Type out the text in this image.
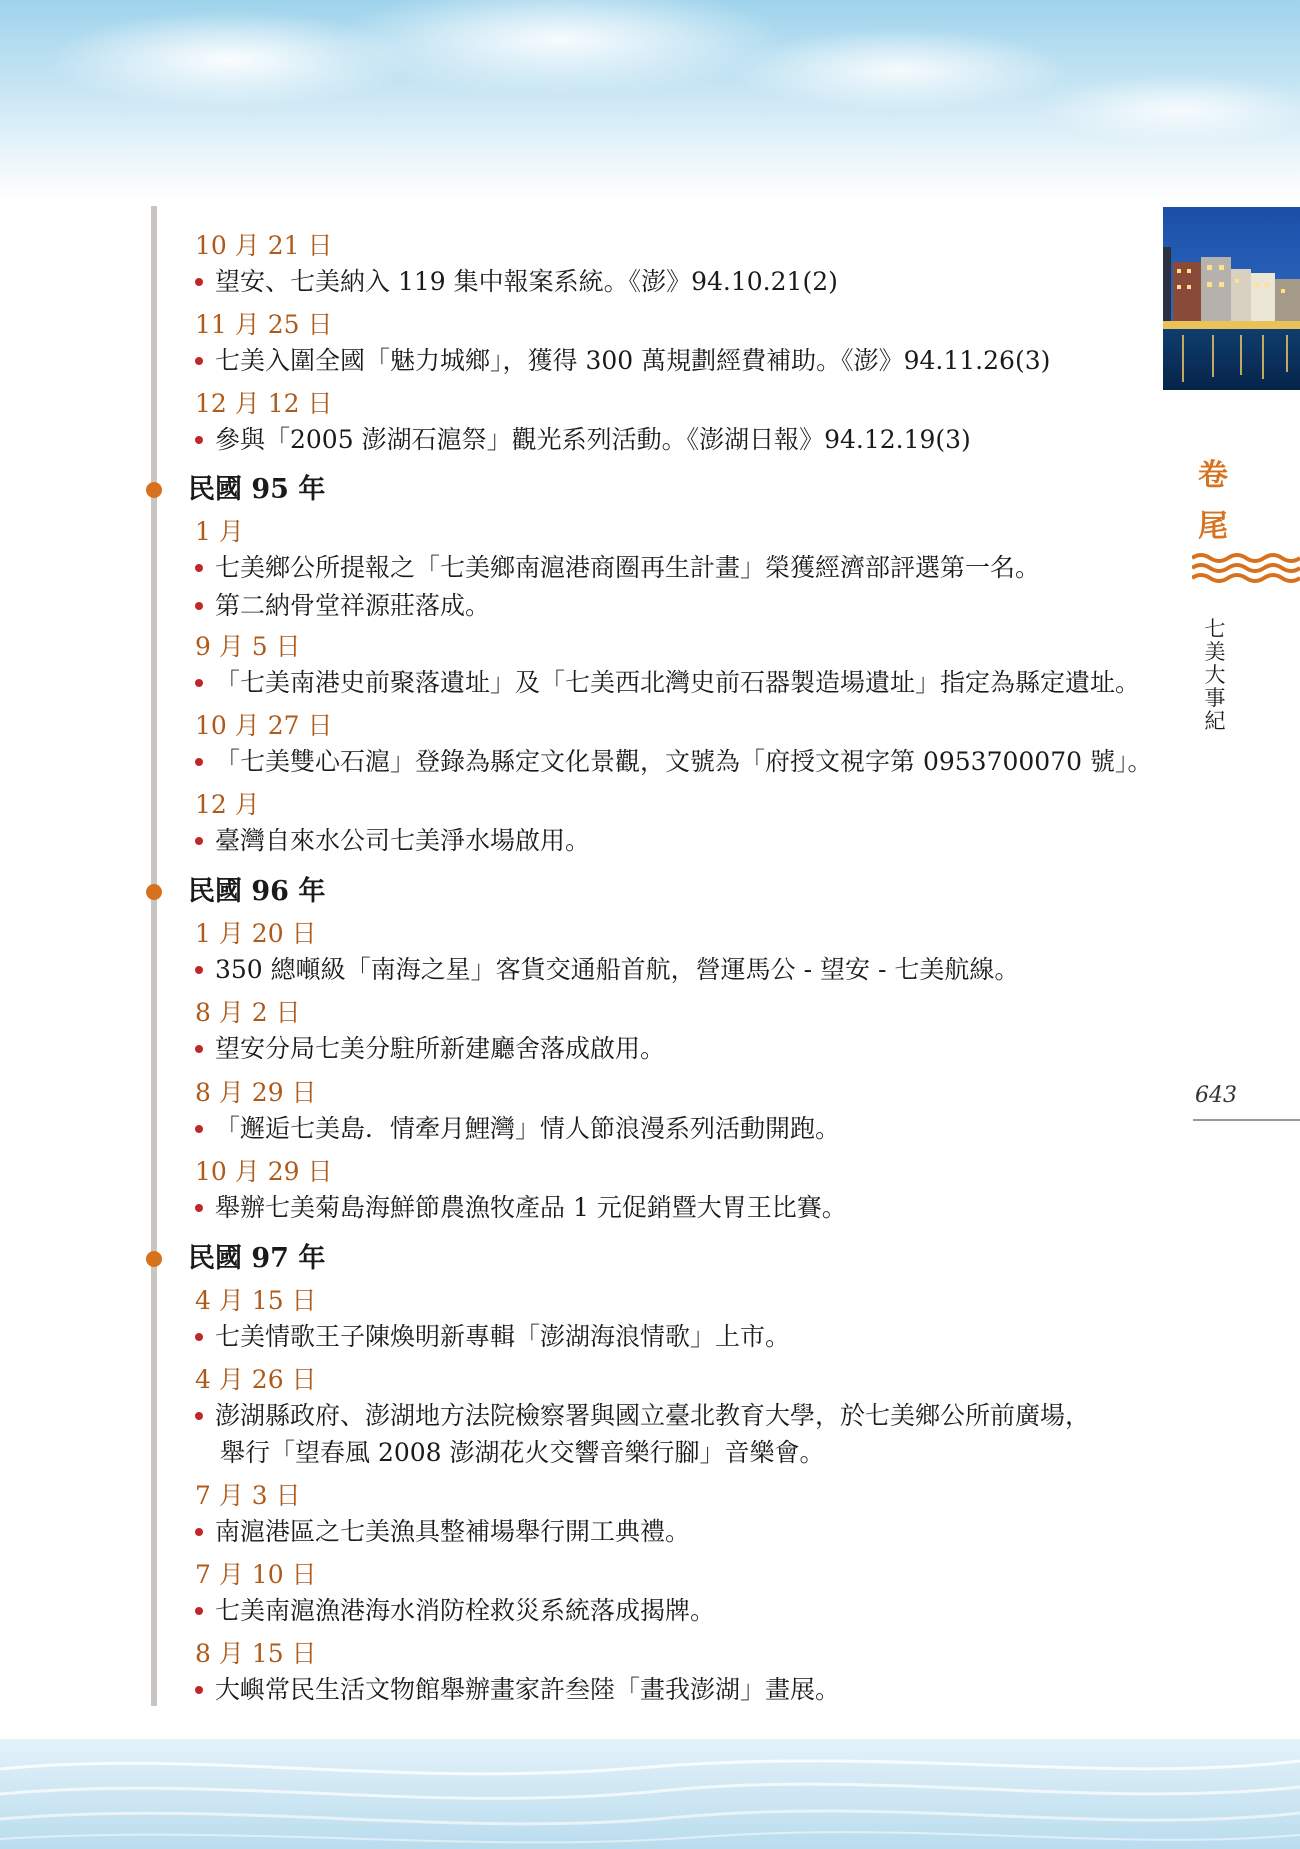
10 月 21 日
望安、七美納入 119 集中報案系統。《澎》94.10.21(2)
11 月 25 日
七美入圍全國「魅力城鄉」，獲得 300 萬規劃經費補助。《澎》94.11.26(3)
12 月 12 日
參與「2005 澎湖石滬祭」觀光系列活動。《澎湖日報》94.12.19(3)
民國 95 年
1 月
七美鄉公所提報之「七美鄉南滬港商圈再生計畫」榮獲經濟部評選第一名。
第二納骨堂祥源莊落成。
9 月 5 日
「七美南港史前聚落遺址」及「七美西北灣史前石器製造場遺址」指定為縣定遺址。
10 月 27 日
「七美雙心石滬」登錄為縣定文化景觀，文號為「府授文視字第 0953700070 號」。
12 月
臺灣自來水公司七美淨水場啟用。
民國 96 年
1 月 20 日
350 總噸級「南海之星」客貨交通船首航，營運馬公 - 望安 - 七美航線。
8 月 2 日
望安分局七美分駐所新建廳舍落成啟用。
8 月 29 日
「邂逅七美島．情牽月鯉灣」情人節浪漫系列活動開跑。
10 月 29 日
舉辦七美菊島海鮮節農漁牧產品 1 元促銷暨大胃王比賽。
民國 97 年
4 月 15 日
七美情歌王子陳煥明新專輯「澎湖海浪情歌」上市。
4 月 26 日
澎湖縣政府、澎湖地方法院檢察署與國立臺北教育大學，於七美鄉公所前廣場，
舉行「望春風 2008 澎湖花火交響音樂行腳」音樂會。
7 月 3 日
南滬港區之七美漁具整補場舉行開工典禮。
7 月 10 日
七美南滬漁港海水消防栓救災系統落成揭牌。
8 月 15 日
大嶼常民生活文物館舉辦畫家許叁陸「畫我澎湖」畫展。
卷
尾
七美大事紀
643
